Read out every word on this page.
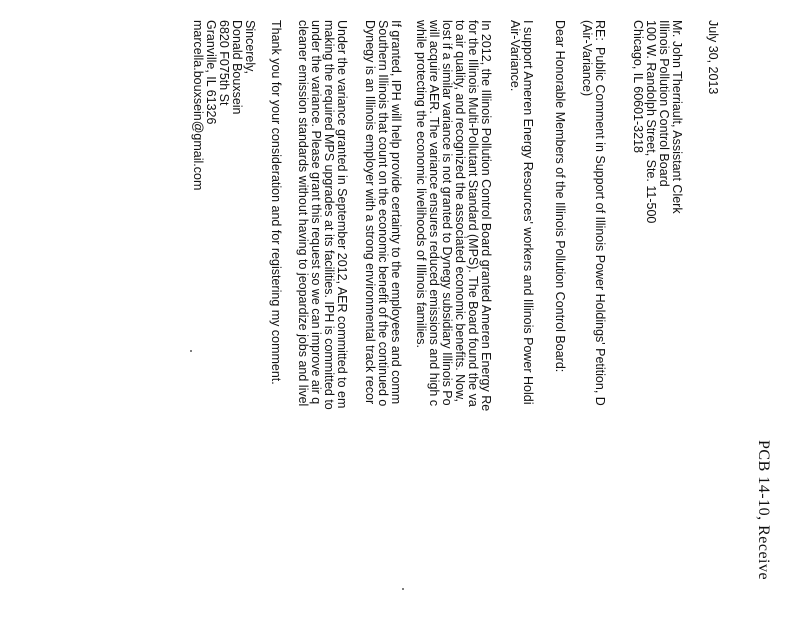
PCB 14-10, Receive

July 30, 2013

Mr. John Therriault, Assistant Clerk

Illinois Pollution Control Board

100 W. Randolph Street, Ste. 11-500

Chicago, IL 60601-3218

RE:

Public Comment in Support of Illinois Power Holdings' Petition, D

(Air-Variance)

Dear Honorable Members of the Illinois Pollution Control Board:

I support Ameren Energy Resources' workers and Illinois Power Holdi

Air-Variance.

In 2012, the Illinois Pollution Control Board granted Ameren Energy Re

for the Illinois Multi-Pollutant Standard (MPS). The Board found the va

to air quality, and recognized the associated economic benefits. Now,

lost if a similar variance is not granted to Dynegy subsidiary Illinois Po

will acquire AER. The variance ensures reduced emissions and high c

while protecting the economic livelihoods of Illinois families.

If granted, IPH will help provide certainty to the employees and comm

Southern Illinois that count on the economic benefit of the continued o

Dynegy is an Illinois employer with a strong environmental track recor

Under the variance granted in September 2012, AER committed to em

making the required MPS upgrades at its facilities. IPH is committed to

under the variance. Please grant this request so we can improve air q

cleaner emission standards without having to jeopardize jobs and livel

Thank you for your consideration and for registering my comment.

Sincerely,

Donald Bouxsein

6820 F075th St

Granville, IL 61326

marcella.bouxsein@gmail.com
